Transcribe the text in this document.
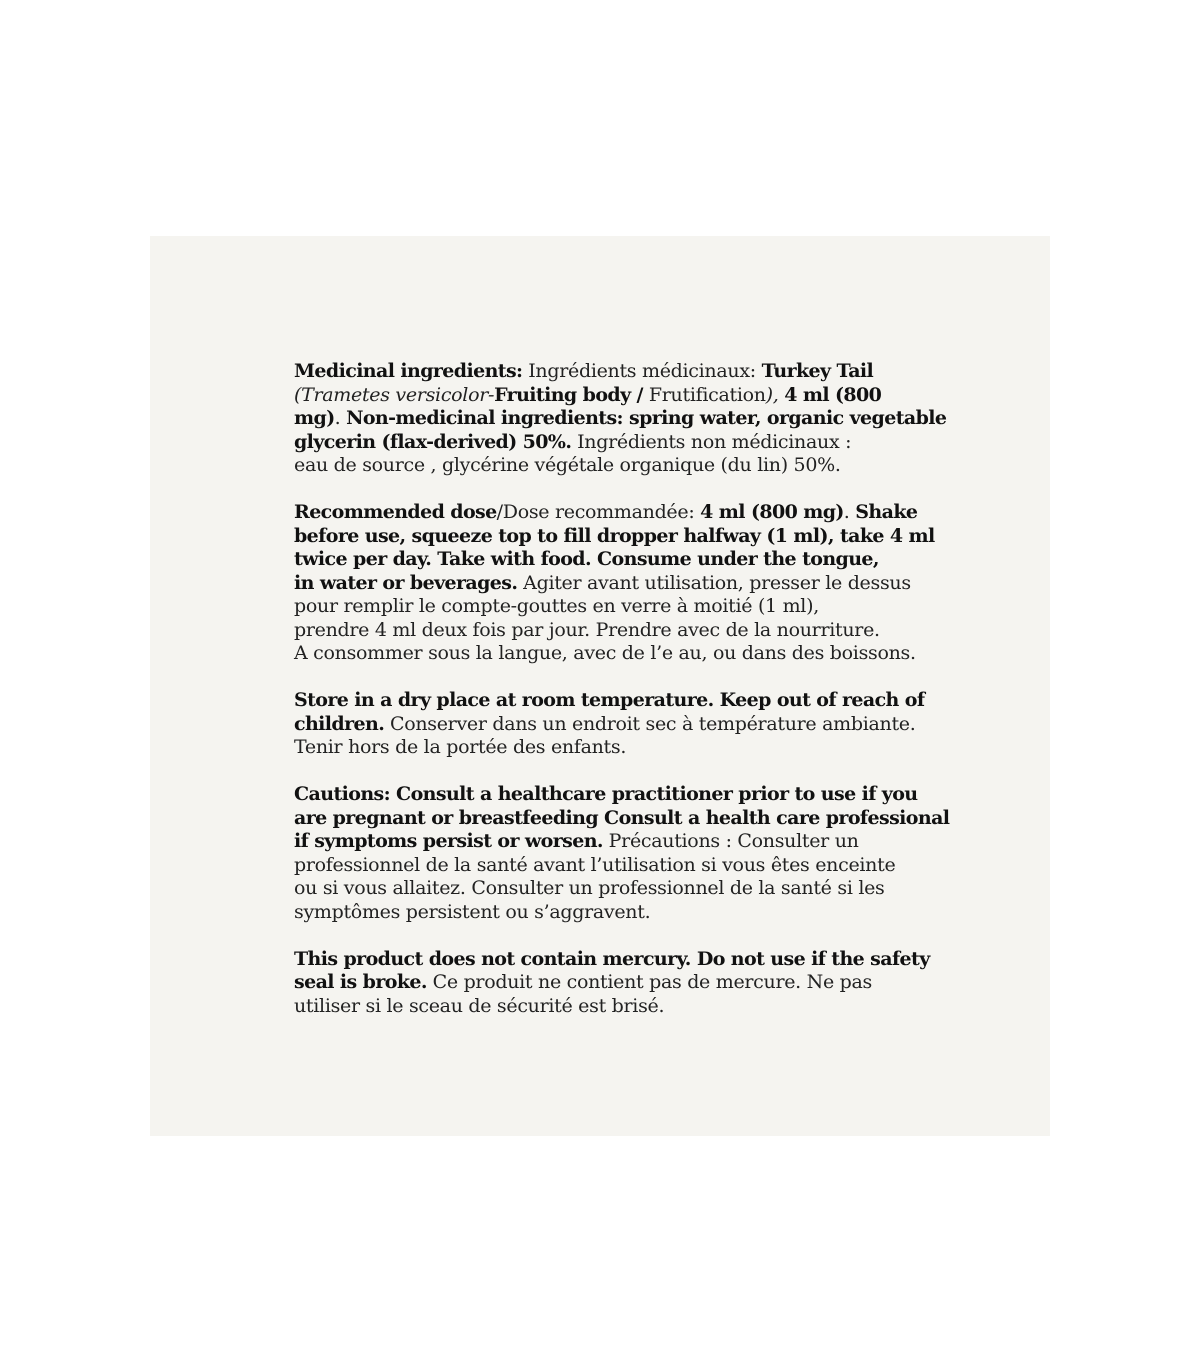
Medicinal ingredients: Ingrédients médicinaux: Turkey Tail (Trametes versicolor-Fruiting body / Frutification), 4 ml (800 mg). Non-medicinal ingredients: spring water, organic vegetable glycerin (flax-derived) 50%. Ingrédients non médicinaux : eau de source , glycérine végétale organique (du lin) 50%.

Recommended dose/Dose recommandée: 4 ml (800 mg). Shake before use, squeeze top to fill dropper halfway (1 ml), take 4 ml twice per day. Take with food. Consume under the tongue, in water or beverages. Agiter avant utilisation, presser le dessus pour remplir le compte-gouttes en verre à moitié (1 ml), prendre 4 ml deux fois par jour. Prendre avec de la nourriture. A consommer sous la langue, avec de l’e au, ou dans des boissons.

Store in a dry place at room temperature. Keep out of reach of children. Conserver dans un endroit sec à température ambiante. Tenir hors de la portée des enfants.

Cautions: Consult a healthcare practitioner prior to use if you are pregnant or breastfeeding Consult a health care professional if symptoms persist or worsen. Précautions : Consulter un professionnel de la santé avant l’utilisation si vous êtes enceinte ou si vous allaitez. Consulter un professionnel de la santé si les symptômes persistent ou s’aggravent.

This product does not contain mercury. Do not use if the safety seal is broke. Ce produit ne contient pas de mercure. Ne pas utiliser si le sceau de sécurité est brisé.
